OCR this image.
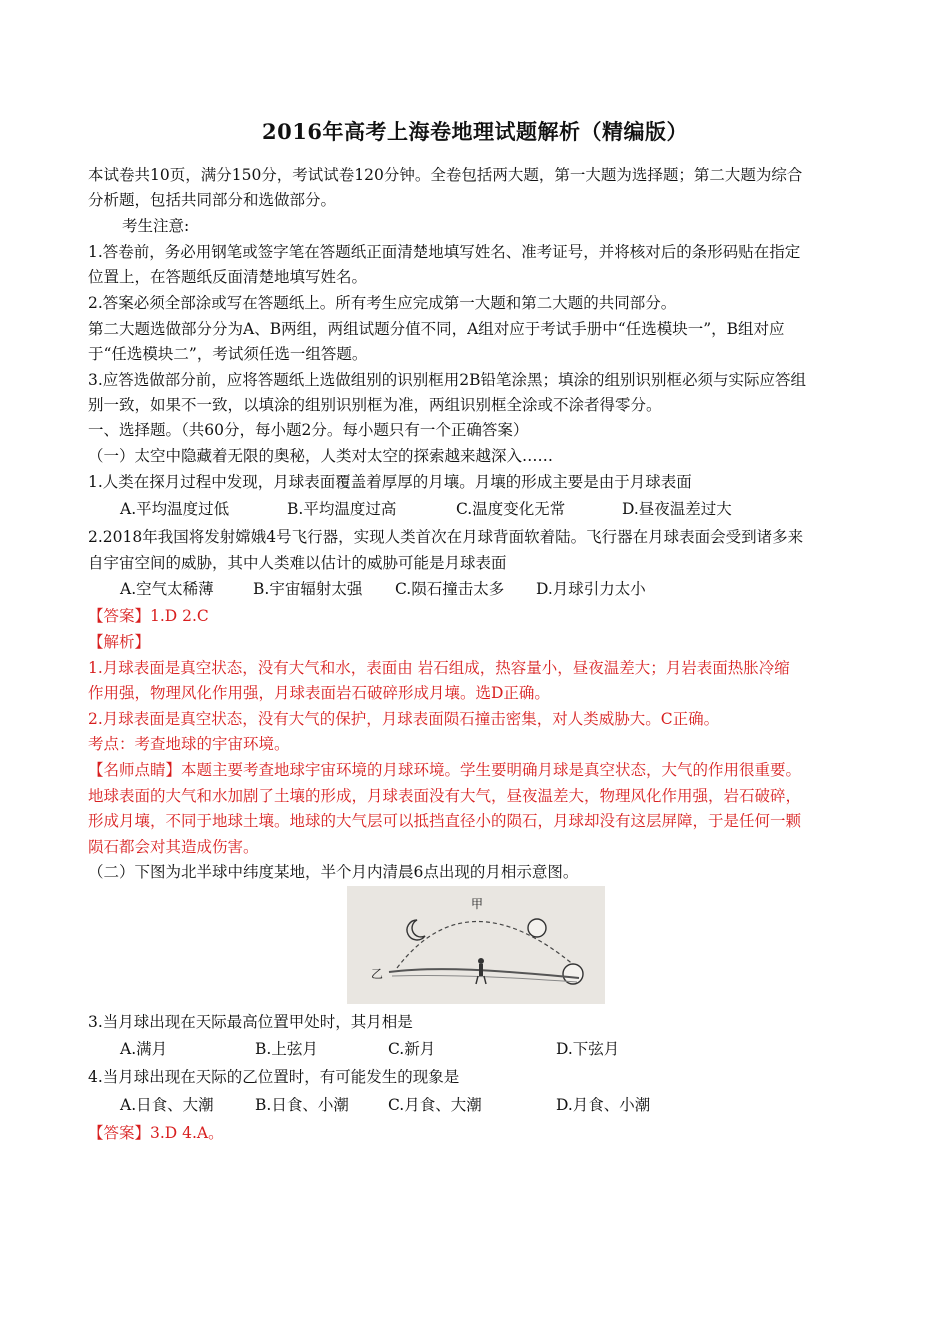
2016年高考上海卷地理试题解析（精编版）
本试卷共10页，满分150分，考试试卷120分钟。全卷包括两大题，第一大题为选择题；第二大题为综合
分析题，包括共同部分和选做部分。
考生注意:
1.答卷前，务必用钢笔或签字笔在答题纸正面清楚地填写姓名、准考证号，并将核对后的条形码贴在指定
位置上，在答题纸反面清楚地填写姓名。
2.答案必须全部涂或写在答题纸上。所有考生应完成第一大题和第二大题的共同部分。
第二大题选做部分分为A、B两组，两组试题分值不同，A组对应于考试手册中“任选模块一”，B组对应
于“任选模块二”，考试须任选一组答题。
3.应答选做部分前，应将答题纸上选做组别的识别框用2B铅笔涂黑；填涂的组别识别框必须与实际应答组
别一致，如果不一致，以填涂的组别识别框为准，两组识别框全涂或不涂者得零分。
一、选择题。（共60分，每小题2分。每小题只有一个正确答案）
（一）太空中隐藏着无限的奥秘，人类对太空的探索越来越深入……
1.人类在探月过程中发现，月球表面覆盖着厚厚的月壤。月壤的形成主要是由于月球表面
A.平均温度过低	B.平均温度过高	C.温度变化无常	D.昼夜温差过大
2.2018年我国将发射嫦娥4号飞行器，实现人类首次在月球背面软着陆。飞行器在月球表面会受到诸多来
自宇宙空间的威胁，其中人类难以估计的威胁可能是月球表面
A.空气太稀薄	B.宇宙辐射太强 C.陨石撞击太多 D.月球引力太小
【答案】1.D 2.C
【解析】
1.月球表面是真空状态，没有大气和水，表面由 岩石组成，热容量小，昼夜温差大；月岩表面热胀冷缩
作用强，物理风化作用强，月球表面岩石破碎形成月壤。选D正确。
2.月球表面是真空状态，没有大气的保护，月球表面陨石撞击密集，对人类威胁大。C正确。
考点：考查地球的宇宙环境。
【名师点睛】本题主要考查地球宇宙环境的月球环境。学生要明确月球是真空状态，大气的作用很重要。
地球表面的大气和水加剧了土壤的形成，月球表面没有大气，昼夜温差大，物理风化作用强，岩石破碎，
形成月壤，不同于地球土壤。地球的大气层可以抵挡直径小的陨石，月球却没有这层屏障，于是任何一颗
陨石都会对其造成伤害。
（二）下图为北半球中纬度某地，半个月内清晨6点出现的月相示意图。
甲
乙
3.当月球出现在天际最高位置甲处时，其月相是
A.满月	B.上弦月	C.新月	D.下弦月
4.当月球出现在天际的乙位置时，有可能发生的现象是
A.日食、大潮	B.日食、小潮	C.月食、大潮	D.月食、小潮
【答案】3.D 4.A。
